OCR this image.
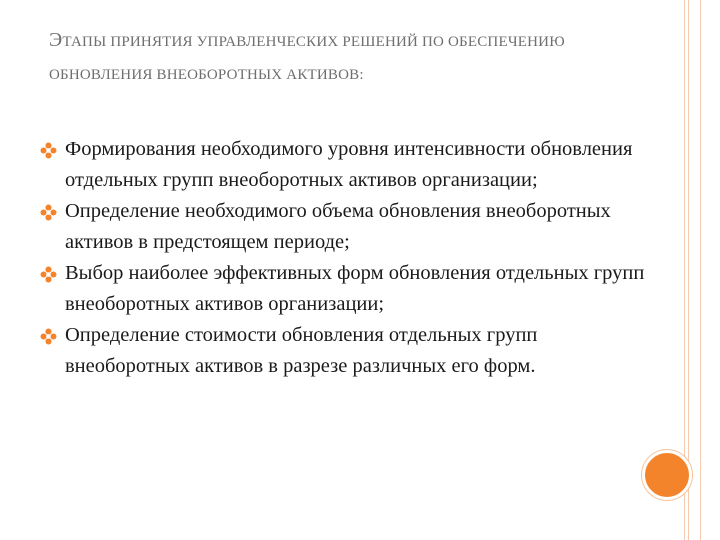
ЭТАПЫ ПРИНЯТИЯ УПРАВЛЕНЧЕСКИХ РЕШЕНИЙ ПО ОБЕСПЕЧЕНИЮ ОБНОВЛЕНИЯ ВНЕОБОРОТНЫХ АКТИВОВ:
Формирования необходимого уровня интенсивности обновления отдельных групп внеоборотных активов организации;
Определение необходимого объема обновления внеоборотных активов в предстоящем периоде;
Выбор наиболее эффективных форм обновления отдельных групп внеоборотных активов организации;
Определение стоимости обновления отдельных групп внеоборотных активов в разрезе различных его форм.
